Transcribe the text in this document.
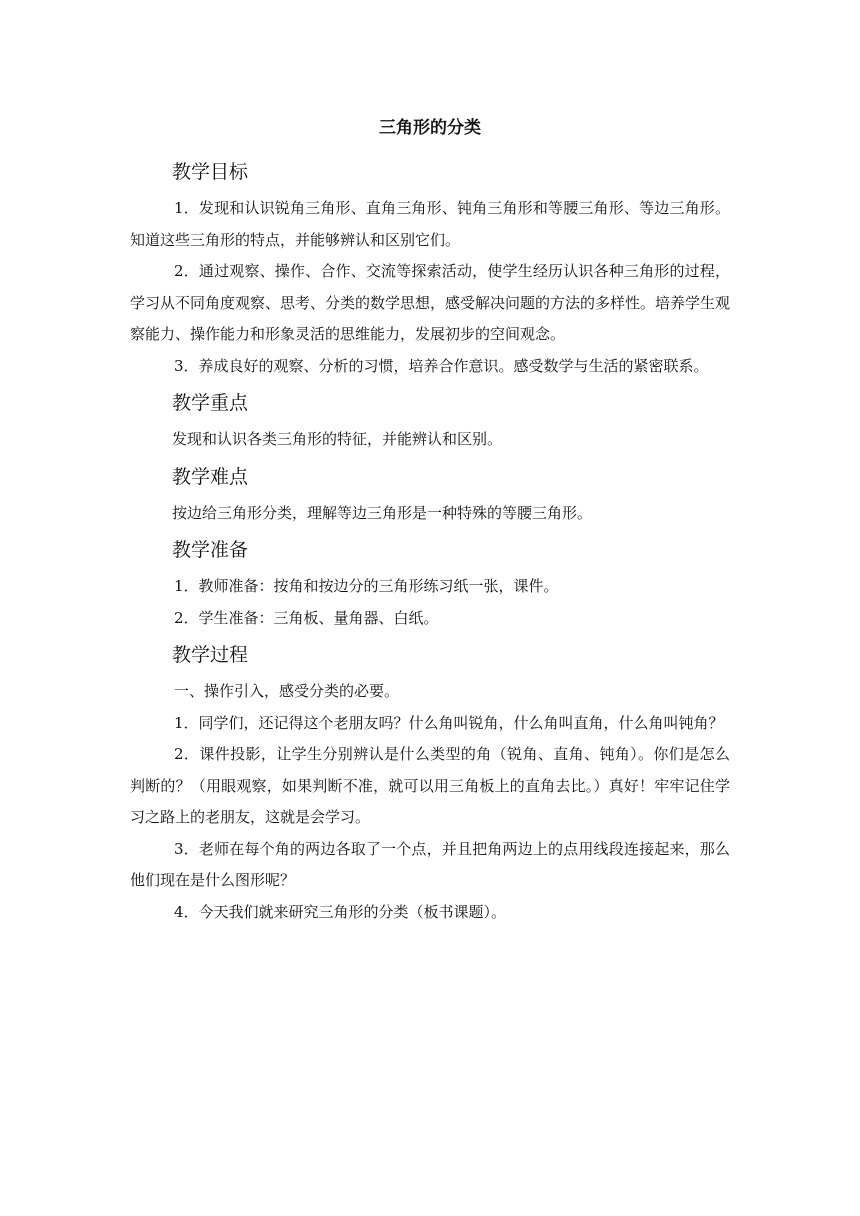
三角形的分类
教学目标

1．发现和认识锐角三角形、直角三角形、钝角三角形和等腰三角形、等边三角形。知道这些三角形的特点，并能够辨认和区别它们。

2．通过观察、操作、合作、交流等探索活动，使学生经历认识各种三角形的过程，学习从不同角度观察、思考、分类的数学思想，感受解决问题的方法的多样性。培养学生观察能力、操作能力和形象灵活的思维能力，发展初步的空间观念。

3．养成良好的观察、分析的习惯，培养合作意识。感受数学与生活的紧密联系。

教学重点

发现和认识各类三角形的特征，并能辨认和区别。

教学难点

按边给三角形分类，理解等边三角形是一种特殊的等腰三角形。

教学准备

1．教师准备：按角和按边分的三角形练习纸一张，课件。

2．学生准备：三角板、量角器、白纸。

教学过程

一、操作引入，感受分类的必要。

1．同学们，还记得这个老朋友吗？什么角叫锐角，什么角叫直角，什么角叫钝角？

2．课件投影，让学生分别辨认是什么类型的角（锐角、直角、钝角）。你们是怎么判断的？（用眼观察，如果判断不准，就可以用三角板上的直角去比。）真好！牢牢记住学习之路上的老朋友，这就是会学习。

3．老师在每个角的两边各取了一个点，并且把角两边上的点用线段连接起来，那么他们现在是什么图形呢？

4．今天我们就来研究三角形的分类（板书课题）。
